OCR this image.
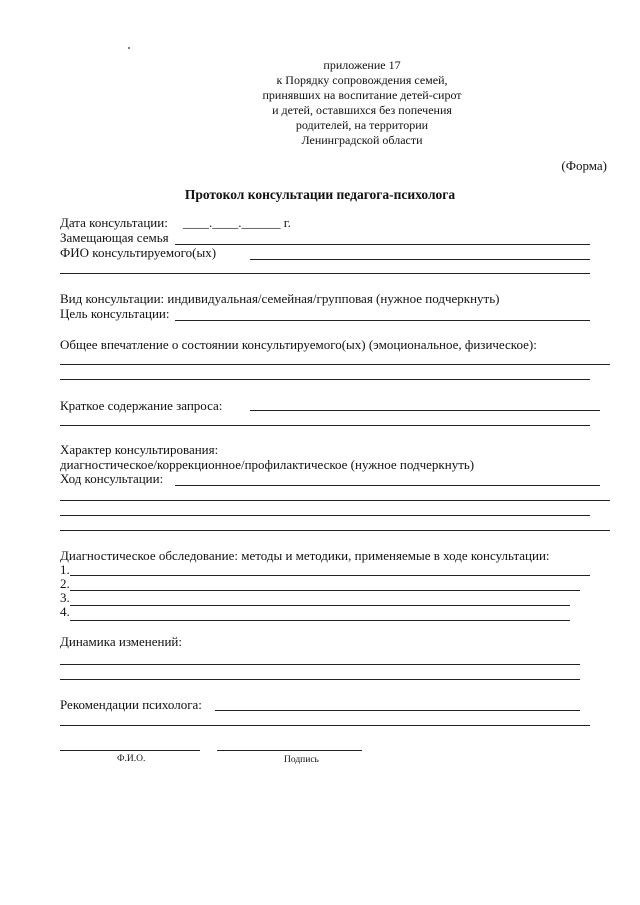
приложение 17
к Порядку сопровождения семей,
принявших на воспитание детей-сирот
и детей, оставшихся без попечения
родителей, на территории
Ленинградской области
(Форма)
Протокол консультации педагога-психолога
Дата консультации: ____.____.______ г.
Замещающая семья
ФИО консультируемого(ых)
Вид консультации: индивидуальная/семейная/групповая (нужное подчеркнуть)
Цель консультации:
Общее впечатление о состоянии консультируемого(ых) (эмоциональное, физическое):
Краткое содержание запроса:
Характер консультирования:
диагностическое/коррекционное/профилактическое (нужное подчеркнуть)
Ход консультации:
Диагностическое обследование: методы и методики, применяемые в ходе консультации:
1.
2.
3.
4.
Динамика изменений:
Рекомендации психолога:
Ф.И.О.	Подпись
